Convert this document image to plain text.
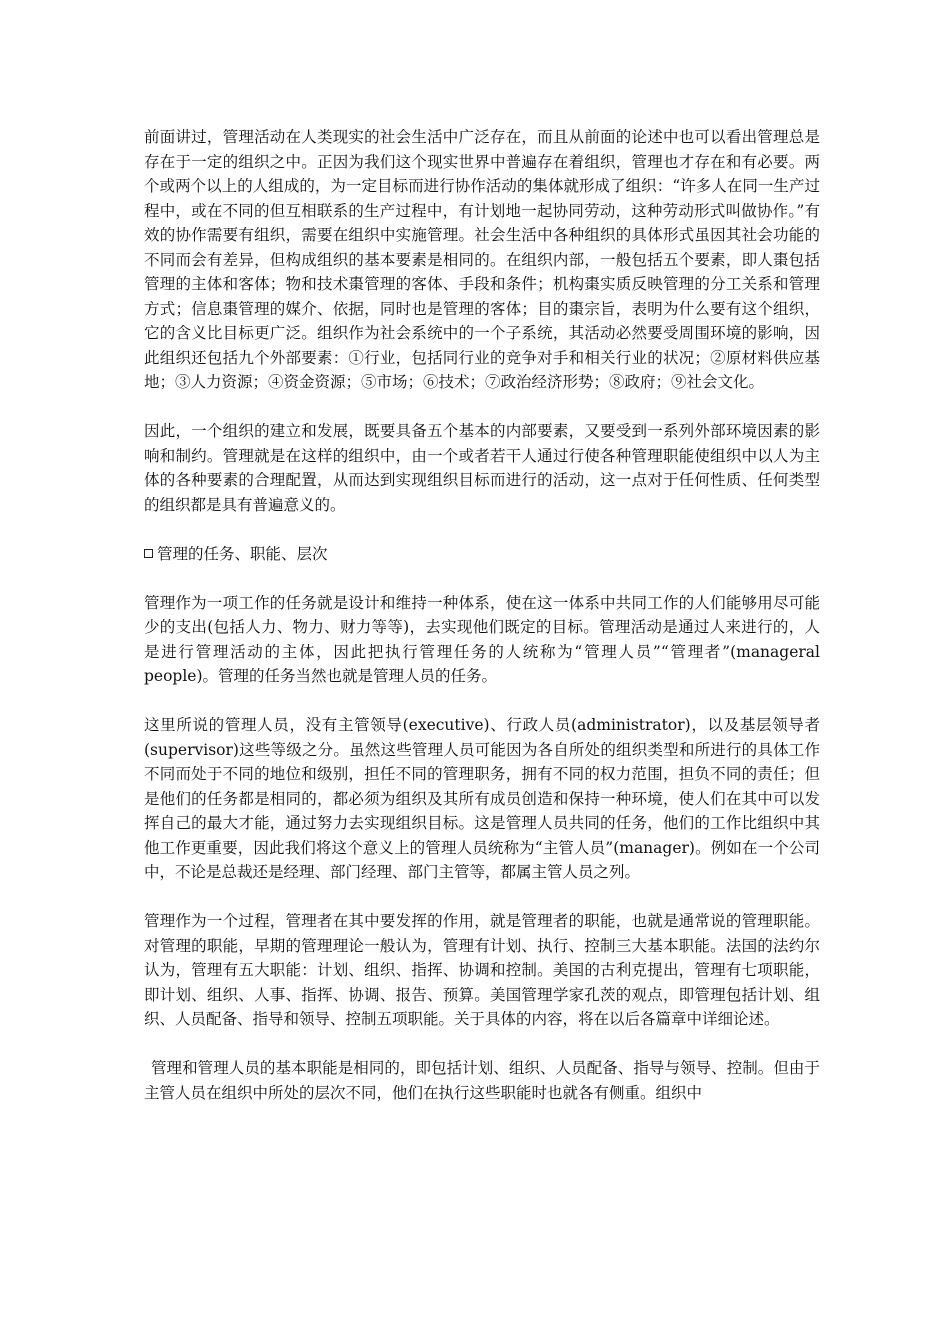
前面讲过，管理活动在人类现实的社会生活中广泛存在，而且从前面的论述中也可以看出管理总是存在于一定的组织之中。正因为我们这个现实世界中普遍存在着组织，管理也才存在和有必要。两个或两个以上的人组成的，为一定目标而进行协作活动的集体就形成了组织：“许多人在同一生产过程中，或在不同的但互相联系的生产过程中，有计划地一起协同劳动，这种劳动形式叫做协作。”有效的协作需要有组织，需要在组织中实施管理。社会生活中各种组织的具体形式虽因其社会功能的不同而会有差异，但构成组织的基本要素是相同的。在组织内部，一般包括五个要素，即人棗包括管理的主体和客体；物和技术棗管理的客体、手段和条件；机构棗实质反映管理的分工关系和管理方式；信息棗管理的媒介、依据，同时也是管理的客体；目的棗宗旨，表明为什么要有这个组织，它的含义比目标更广泛。组织作为社会系统中的一个子系统，其活动必然要受周围环境的影响，因此组织还包括九个外部要素：①行业，包括同行业的竞争对手和相关行业的状况；②原材料供应基地；③人力资源；④资金资源；⑤市场；⑥技术；⑦政治经济形势；⑧政府；⑨社会文化。

因此，一个组织的建立和发展，既要具备五个基本的内部要素，又要受到一系列外部环境因素的影响和制约。管理就是在这样的组织中，由一个或者若干人通过行使各种管理职能使组织中以人为主体的各种要素的合理配置，从而达到实现组织目标而进行的活动，这一点对于任何性质、任何类型的组织都是具有普遍意义的。

管理的任务、职能、层次

管理作为一项工作的任务就是设计和维持一种体系，使在这一体系中共同工作的人们能够用尽可能少的支出(包括人力、物力、财力等等)，去实现他们既定的目标。管理活动是通过人来进行的，人是进行管理活动的主体，因此把执行管理任务的人统称为“管理人员”“管理者”(manageral people)。管理的任务当然也就是管理人员的任务。

这里所说的管理人员，没有主管领导(executive)、行政人员(administrator)，以及基层领导者(supervisor)这些等级之分。虽然这些管理人员可能因为各自所处的组织类型和所进行的具体工作不同而处于不同的地位和级别，担任不同的管理职务，拥有不同的权力范围，担负不同的责任；但是他们的任务都是相同的，都必须为组织及其所有成员创造和保持一种环境，使人们在其中可以发挥自己的最大才能，通过努力去实现组织目标。这是管理人员共同的任务，他们的工作比组织中其他工作更重要，因此我们将这个意义上的管理人员统称为“主管人员”(manager)。例如在一个公司中，不论是总裁还是经理、部门经理、部门主管等，都属主管人员之列。

管理作为一个过程，管理者在其中要发挥的作用，就是管理者的职能，也就是通常说的管理职能。对管理的职能，早期的管理理论一般认为，管理有计划、执行、控制三大基本职能。法国的法约尔认为，管理有五大职能：计划、组织、指挥、协调和控制。美国的古利克提出，管理有七项职能，即计划、组织、人事、指挥、协调、报告、预算。美国管理学家孔茨的观点，即管理包括计划、组织、人员配备、指导和领导、控制五项职能。关于具体的内容，将在以后各篇章中详细论述。

管理和管理人员的基本职能是相同的，即包括计划、组织、人员配备、指导与领导、控制。但由于主管人员在组织中所处的层次不同，他们在执行这些职能时也就各有侧重。组织中
